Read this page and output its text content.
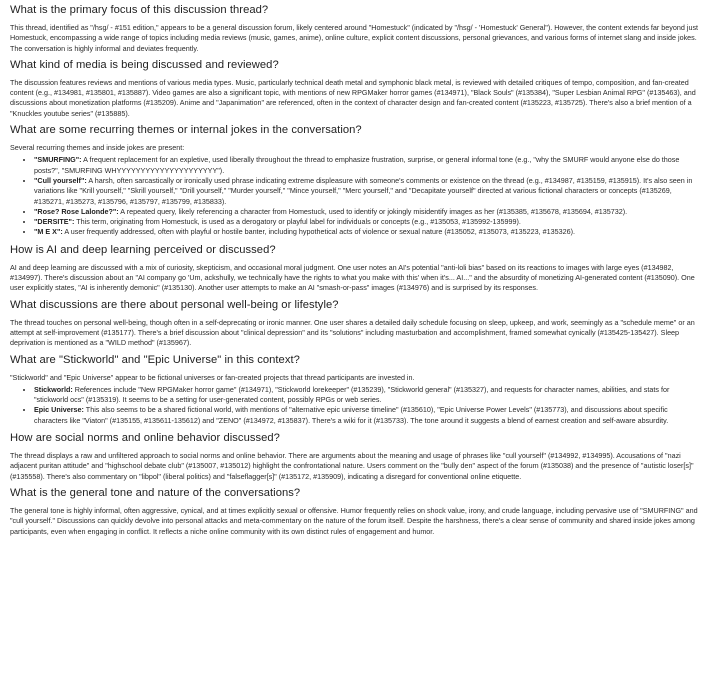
What is the primary focus of this discussion thread?

This thread, identified as "/hsg/ - #151 edition," appears to be a general discussion forum, likely centered around "Homestuck" (indicated by "/hsg/ - 'Homestuck' General"). However, the content extends far beyond just Homestuck, encompassing a wide range of topics including media reviews (music, games, anime), online culture, explicit content discussions, personal grievances, and various forms of internet slang and inside jokes. The conversation is highly informal and deviates frequently.

What kind of media is being discussed and reviewed?

The discussion features reviews and mentions of various media types. Music, particularly technical death metal and symphonic black metal, is reviewed with detailed critiques of tempo, composition, and fan-created content (e.g., #134981, #135801, #135887). Video games are also a significant topic, with mentions of new RPGMaker horror games (#134971), "Black Souls" (#135384), "Super Lesbian Animal RPG" (#135463), and discussions about monetization platforms (#135209). Anime and "Japanimation" are referenced, often in the context of character design and fan-created content (#135223, #135725). There's also a brief mention of a "Knuckles youtube series" (#135885).

What are some recurring themes or internal jokes in the conversation?

Several recurring themes and inside jokes are present:

• "SMURFING": A frequent replacement for an expletive, used liberally throughout the thread to emphasize frustration, surprise, or general informal tone (e.g., "why the SMURF would anyone else do those posts?", "SMURFING WHYYYYYYYYYYYYYYYYYYYYY").
• "Cull yourself": A harsh, often sarcastically or ironically used phrase indicating extreme displeasure with someone's comments or existence on the thread (e.g., #134987, #135159, #135915). It's also seen in variations like "Krill yourself," "Skrill yourself," "Drill yourself," "Murder yourself," "Mince yourself," "Merc yourself," and "Decapitate yourself" directed at various fictional characters or concepts (#135269, #135271, #135273, #135796, #135797, #135799, #135833).
• "Rose? Rose Lalonde?": A repeated query, likely referencing a character from Homestuck, used to identify or jokingly misidentify images as her (#135385, #135678, #135694, #135732).
• "DERSITE": This term, originating from Homestuck, is used as a derogatory or playful label for individuals or concepts (e.g., #135053, #135992-135999).
• "M E X": A user frequently addressed, often with playful or hostile banter, including hypothetical acts of violence or sexual nature (#135052, #135073, #135223, #135326).
How is AI and deep learning perceived or discussed?

AI and deep learning are discussed with a mix of curiosity, skepticism, and occasional moral judgment. One user notes an AI's potential "anti-loli bias" based on its reactions to images with large eyes (#134982, #134997). There's discussion about an "AI company go 'Um, ackshully, we technically have the rights to what you make with this' when it's... AI..." and the absurdity of monetizing AI-generated content (#135090). One user explicitly states, "AI is inherently demonic" (#135130). Another user attempts to make an AI "smash-or-pass" images (#134976) and is surprised by its responses.

What discussions are there about personal well-being or lifestyle?

The thread touches on personal well-being, though often in a self-deprecating or ironic manner. One user shares a detailed daily schedule focusing on sleep, upkeep, and work, seemingly as a "schedule meme" or an attempt at self-improvement (#135177). There's a brief discussion about "clinical depression" and its "solutions" including masturbation and accomplishment, framed somewhat cynically (#135425-135427). Sleep deprivation is mentioned as a "WILD method" (#135967).

What are "Stickworld" and "Epic Universe" in this context?

"Stickworld" and "Epic Universe" appear to be fictional universes or fan-created projects that thread participants are invested in.

• Stickworld: References include "New RPGMaker horror game" (#134971), "Stickworld lorekeeper" (#135239), "Stickworld general" (#135327), and requests for character names, abilities, and stats for "stickworld ocs" (#135319). It seems to be a setting for user-generated content, possibly RPGs or web series.
• Epic Universe: This also seems to be a shared fictional world, with mentions of "alternative epic universe timeline" (#135610), "Epic Universe Power Levels" (#135773), and discussions about specific characters like "Viaton" (#135155, #135611-135612) and "ZENO" (#134972, #135837). There's a wiki for it (#135733). The tone around it suggests a blend of earnest creation and self-aware absurdity.
How are social norms and online behavior discussed?

The thread displays a raw and unfiltered approach to social norms and online behavior. There are arguments about the meaning and usage of phrases like "cull yourself" (#134992, #134995). Accusations of "nazi adjacent puritan attitude" and "highschool debate club" (#135007, #135012) highlight the confrontational nature. Users comment on the "bully den" aspect of the forum (#135038) and the presence of "autistic loser[s]" (#135558). There's also commentary on "libpol" (liberal politics) and "falseflagger[s]" (#135172, #135909), indicating a disregard for conventional online etiquette.

What is the general tone and nature of the conversations?

The general tone is highly informal, often aggressive, cynical, and at times explicitly sexual or offensive. Humor frequently relies on shock value, irony, and crude language, including pervasive use of "SMURFING" and "cull yourself." Discussions can quickly devolve into personal attacks and meta-commentary on the nature of the forum itself. Despite the harshness, there's a clear sense of community and shared inside jokes among participants, even when engaging in conflict. It reflects a niche online community with its own distinct rules of engagement and humor.
